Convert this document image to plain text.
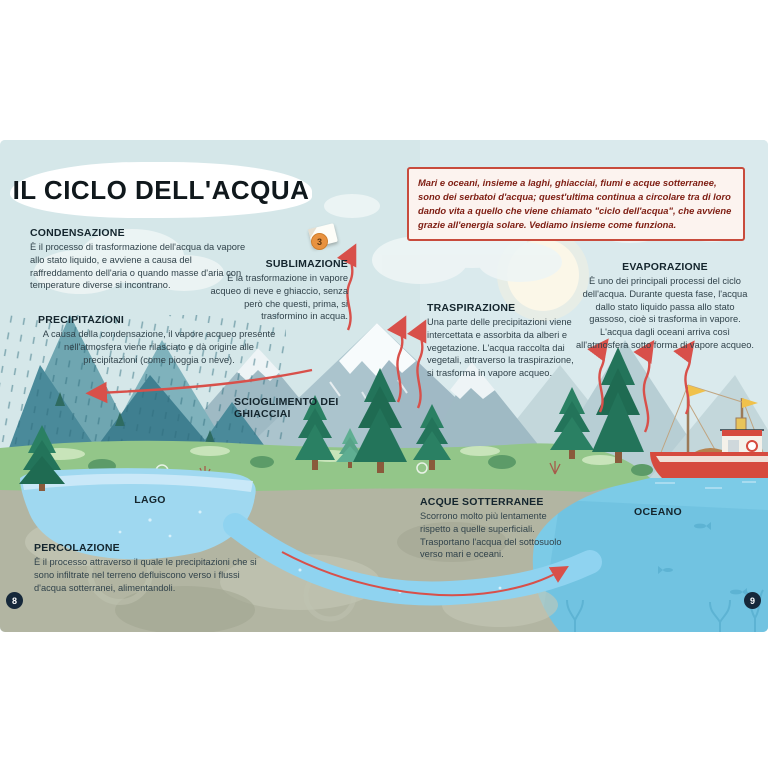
IL CICLO DELL'ACQUA	Mari e oceani, insieme a laghi, ghiacciai, fiumi e acque sotterranee, sono dei serbatoi d'acqua; quest'ultima continua a circolare tra di loro dando vita a quello che viene chiamato "ciclo dell'acqua", che avviene grazie all'energia solare. Vediamo insieme come funziona.
CONDENSAZIONE
È il processo di trasformazione dell'acqua da vapore allo stato liquido, e avviene a causa del raffreddamento dell'aria o quando masse d'aria con temperature diverse si incontrano.
SUBLIMAZIONE
È la trasformazione in vapore acqueo di neve e ghiaccio, senza però che questi, prima, si trasformino in acqua.
3
PRECIPITAZIONI
A causa della condensazione, il vapore acqueo presente nell'atmosfera viene rilasciato e dà origine alle precipitazioni (come pioggia o neve).
TRASPIRAZIONE
Una parte delle precipitazioni viene intercettata e assorbita da alberi e vegetazione. L'acqua raccolta dai vegetali, attraverso la traspirazione, si trasforma in vapore acqueo.
EVAPORAZIONE
È uno dei principali processi del ciclo dell'acqua. Durante questa fase, l'acqua dallo stato liquido passa allo stato gassoso, cioè si trasforma in vapore. L'acqua dagli oceani arriva così all'atmosfera sotto forma di vapore acqueo.
SCIOGLIMENTO DEI GHIACCIAI
LAGO	ACQUE SOTTERRANEE
Scorrono molto più lentamente rispetto a quelle superficiali. Trasportano l'acqua del sottosuolo verso mari e oceani.
OCEANO
PERCOLAZIONE
È il processo attraverso il quale le precipitazioni che si sono infiltrate nel terreno defluiscono verso i flussi d'acqua sotterranei, alimentandoli.
8	9
